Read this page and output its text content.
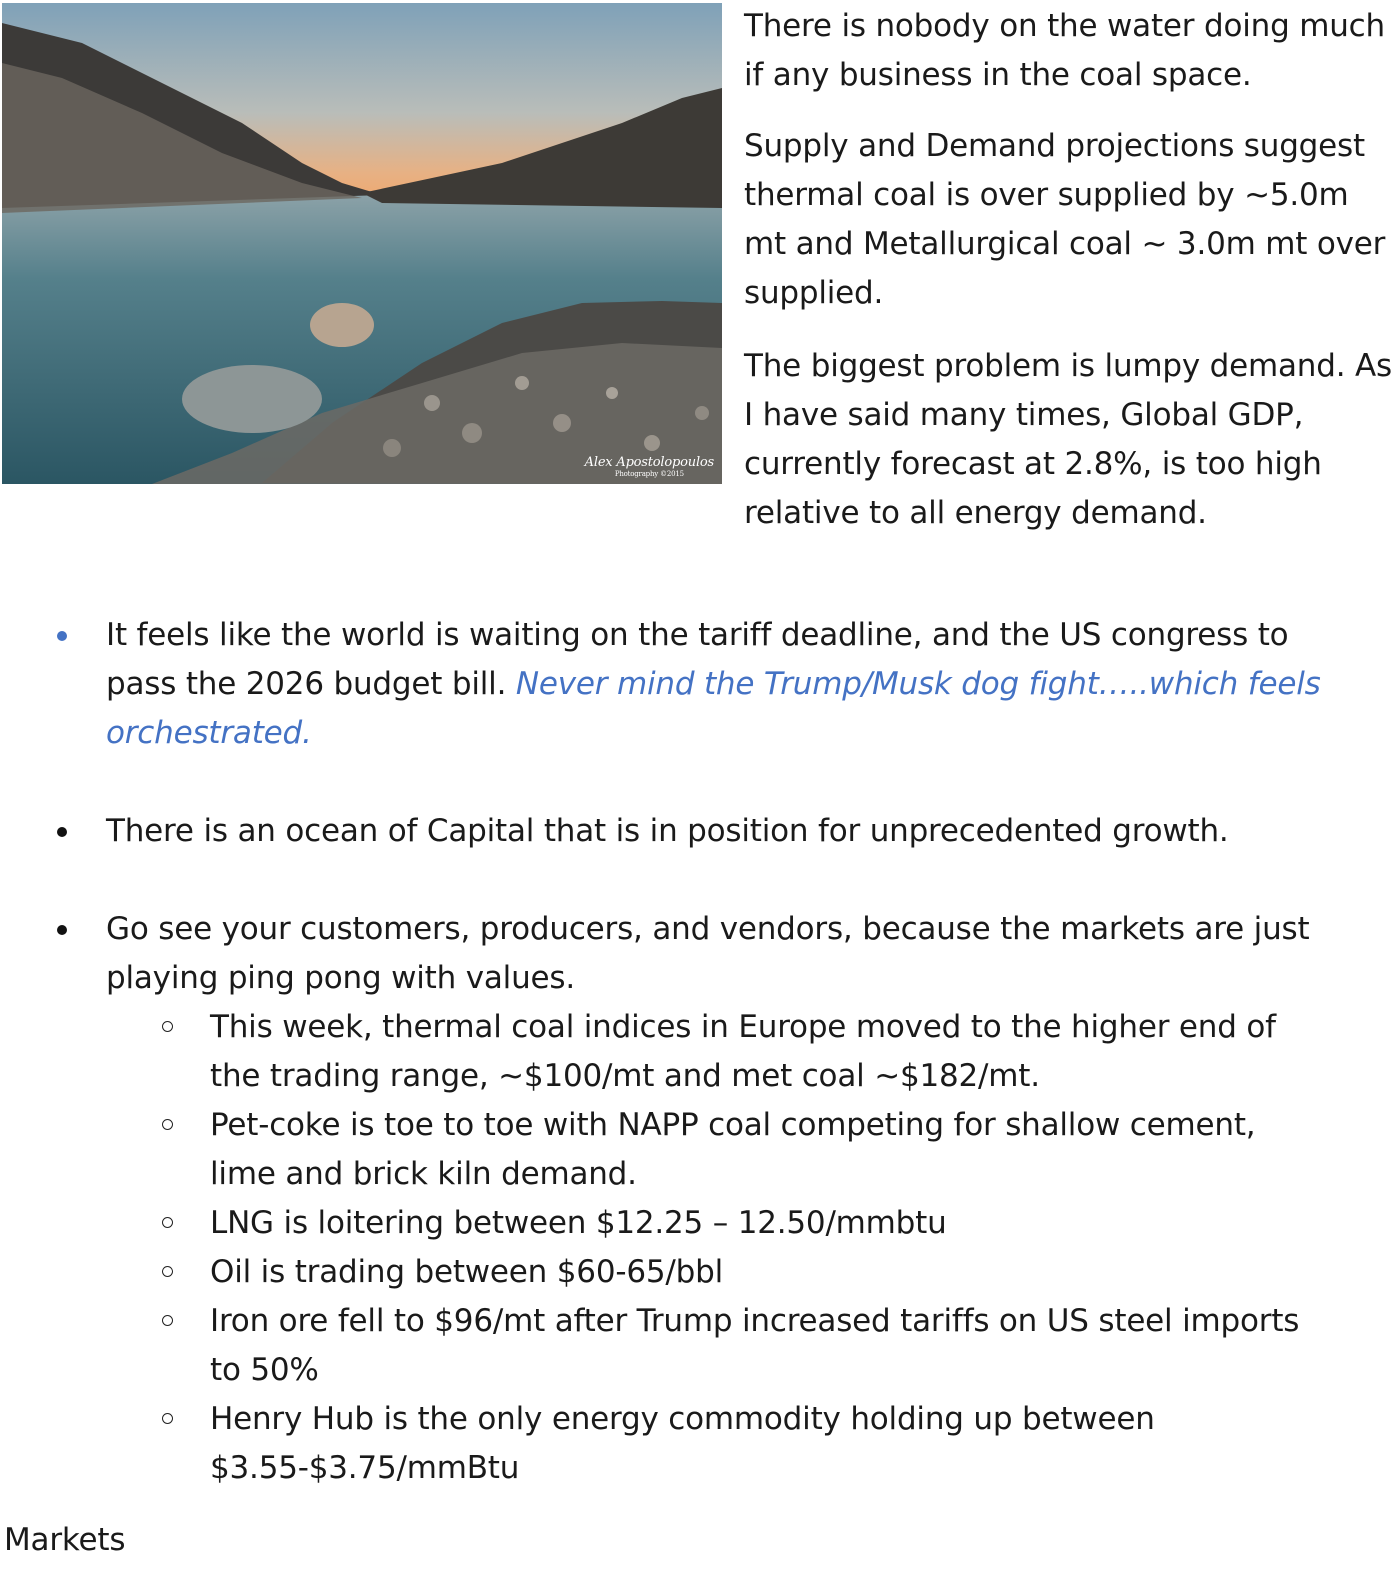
Alex Apostolopoulos
Photography ©2015

There is nobody on the water doing much if any business in the coal space.

Supply and Demand projections suggest thermal coal is over supplied by ~5.0m mt and Metallurgical coal ~ 3.0m mt over supplied.

The biggest problem is lumpy demand. As I have said many times, Global GDP, currently forecast at 2.8%, is too high relative to all energy demand.

It feels like the world is waiting on the tariff deadline, and the US congress to pass the 2026 budget bill. Never mind the Trump/Musk dog fight…..which feels orchestrated.
There is an ocean of Capital that is in position for unprecedented growth.
Go see your customers, producers, and vendors, because the markets are just playing ping pong with values.
This week, thermal coal indices in Europe moved to the higher end of the trading range, ~$100/mt and met coal ~$182/mt.
Pet-coke is toe to toe with NAPP coal competing for shallow cement, lime and brick kiln demand.
LNG is loitering between $12.25 – 12.50/mmbtu
Oil is trading between $60-65/bbl
Iron ore fell to $96/mt after Trump increased tariffs on US steel imports to 50%
Henry Hub is the only energy commodity holding up between $3.55-$3.75/mmBtu
Markets
